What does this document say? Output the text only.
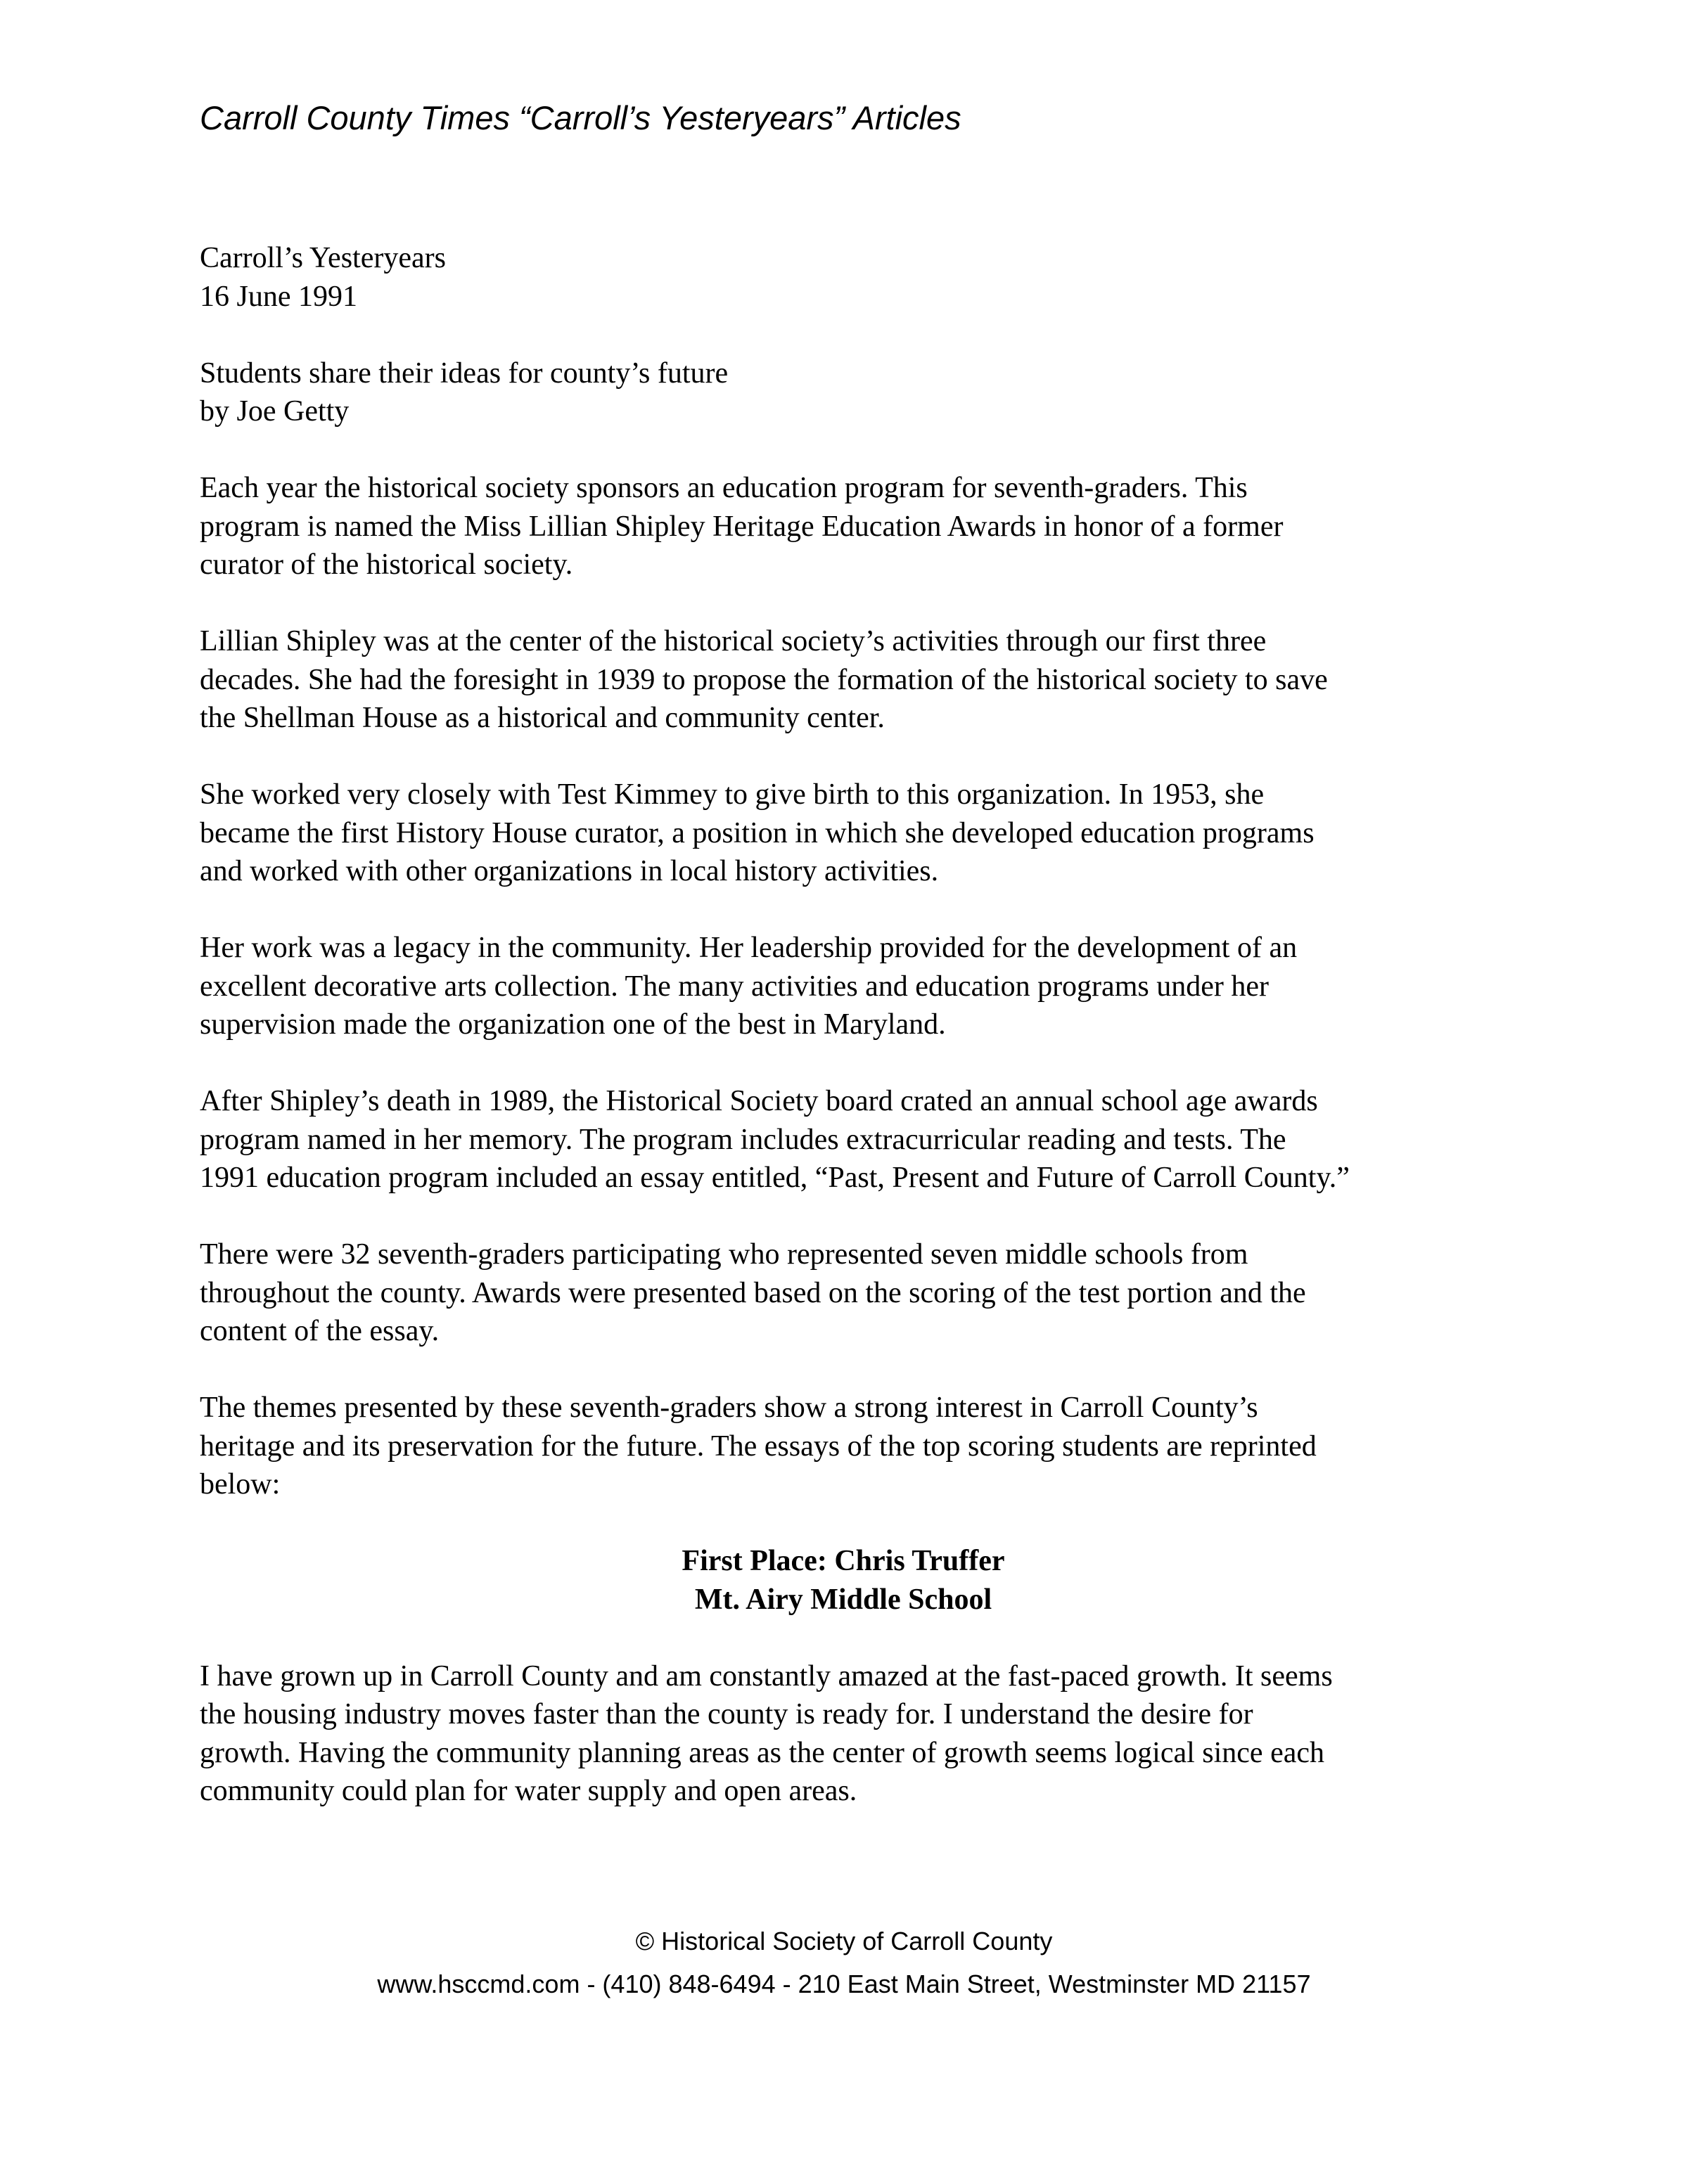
Carroll County Times “Carroll’s Yesteryears” Articles

Carroll’s Yesteryears
16 June 1991

Students share their ideas for county’s future
by Joe Getty

Each year the historical society sponsors an education program for seventh-graders. This
program is named the Miss Lillian Shipley Heritage Education Awards in honor of a former
curator of the historical society.

Lillian Shipley was at the center of the historical society’s activities through our first three
decades. She had the foresight in 1939 to propose the formation of the historical society to save
the Shellman House as a historical and community center.

She worked very closely with Test Kimmey to give birth to this organization. In 1953, she
became the first History House curator, a position in which she developed education programs
and worked with other organizations in local history activities.

Her work was a legacy in the community. Her leadership provided for the development of an
excellent decorative arts collection. The many activities and education programs under her
supervision made the organization one of the best in Maryland.

After Shipley’s death in 1989, the Historical Society board crated an annual school age awards
program named in her memory. The program includes extracurricular reading and tests. The
1991 education program included an essay entitled, “Past, Present and Future of Carroll County.”

There were 32 seventh-graders participating who represented seven middle schools from
throughout the county. Awards were presented based on the scoring of the test portion and the
content of the essay.

The themes presented by these seventh-graders show a strong interest in Carroll County’s
heritage and its preservation for the future. The essays of the top scoring students are reprinted
below:

First Place: Chris Truffer
Mt. Airy Middle School

I have grown up in Carroll County and am constantly amazed at the fast-paced growth. It seems
the housing industry moves faster than the county is ready for. I understand the desire for
growth. Having the community planning areas as the center of growth seems logical since each
community could plan for water supply and open areas.

© Historical Society of Carroll County
www.hsccmd.com - (410) 848-6494 - 210 East Main Street, Westminster MD 21157
